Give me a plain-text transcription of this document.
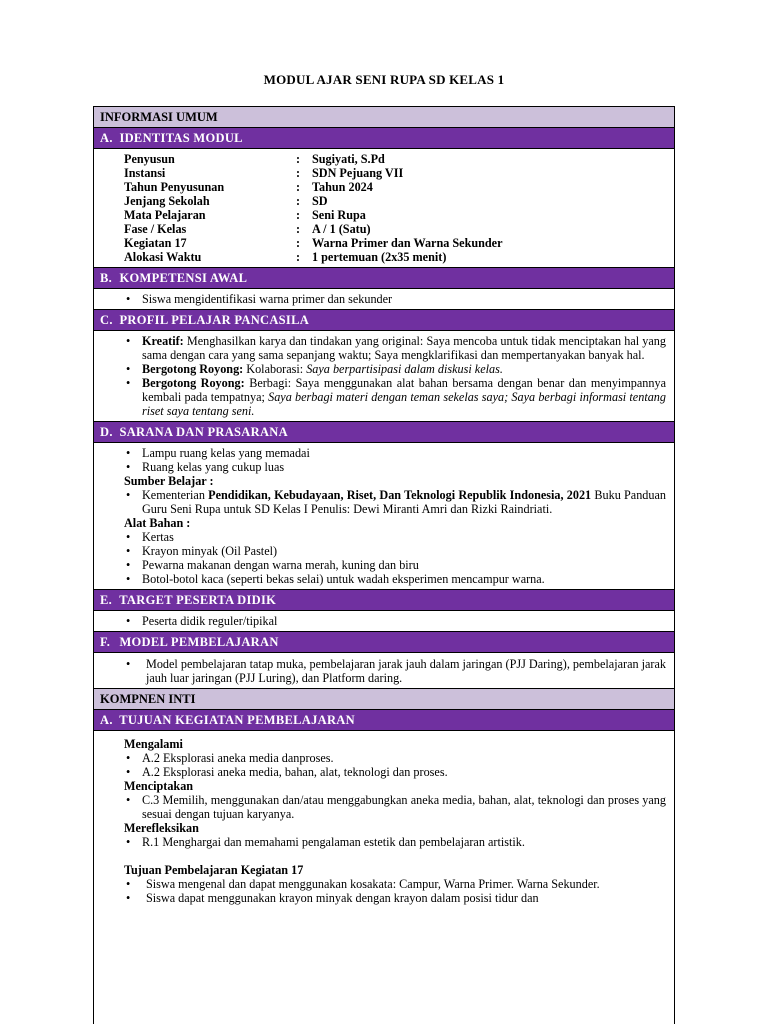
MODUL AJAR SENI RUPA SD KELAS 1
INFORMASI UMUM
A. IDENTITAS MODUL
Penyusun	: Sugiyati, S.Pd
Instansi	: SDN Pejuang VII
Tahun Penyusunan	: Tahun 2024
Jenjang Sekolah	: SD
Mata Pelajaran	: Seni Rupa
Fase / Kelas	: A / 1 (Satu)
Kegiatan 17	: Warna Primer dan Warna Sekunder
Alokasi Waktu	: 1 pertemuan (2x35 menit)
B. KOMPETENSI AWAL
• Siswa mengidentifikasi warna primer dan sekunder
C. PROFIL PELAJAR PANCASILA
• Kreatif: Menghasilkan karya dan tindakan yang original: Saya mencoba untuk tidak menciptakan hal yang sama dengan cara yang sama sepanjang waktu; Saya mengklarifikasi dan mempertanyakan banyak hal.
• Bergotong Royong: Kolaborasi: Saya berpartisipasi dalam diskusi kelas.
• Bergotong Royong: Berbagi: Saya menggunakan alat bahan bersama dengan benar dan menyimpannya kembali pada tempatnya; Saya berbagi materi dengan teman sekelas saya; Saya berbagi informasi tentang riset saya tentang seni.
D. SARANA DAN PRASARANA
• Lampu ruang kelas yang memadai
• Ruang kelas yang cukup luas
Sumber Belajar :
• Kementerian Pendidikan, Kebudayaan, Riset, Dan Teknologi Republik Indonesia, 2021 Buku Panduan Guru Seni Rupa untuk SD Kelas I Penulis: Dewi Miranti Amri dan Rizki Raindriati.
Alat Bahan :
• Kertas
• Krayon minyak (Oil Pastel)
• Pewarna makanan dengan warna merah, kuning dan biru
• Botol-botol kaca (seperti bekas selai) untuk wadah eksperimen mencampur warna.
E. TARGET PESERTA DIDIK
• Peserta didik reguler/tipikal
F. MODEL PEMBELAJARAN
• Model pembelajaran tatap muka, pembelajaran jarak jauh dalam jaringan (PJJ Daring), pembelajaran jarak jauh luar jaringan (PJJ Luring), dan Platform daring.
KOMPNEN INTI
A. TUJUAN KEGIATAN PEMBELAJARAN
Mengalami
• A.2 Eksplorasi aneka media danproses.
• A.2 Eksplorasi aneka media, bahan, alat, teknologi dan proses.
Menciptakan
• C.3 Memilih, menggunakan dan/atau menggabungkan aneka media, bahan, alat, teknologi dan proses yang sesuai dengan tujuan karyanya.
Merefleksikan
• R.1 Menghargai dan memahami pengalaman estetik dan pembelajaran artistik.
Tujuan Pembelajaran Kegiatan 17
• Siswa mengenal dan dapat menggunakan kosakata: Campur, Warna Primer. Warna Sekunder.
• Siswa dapat menggunakan krayon minyak dengan krayon dalam posisi tidur dan
